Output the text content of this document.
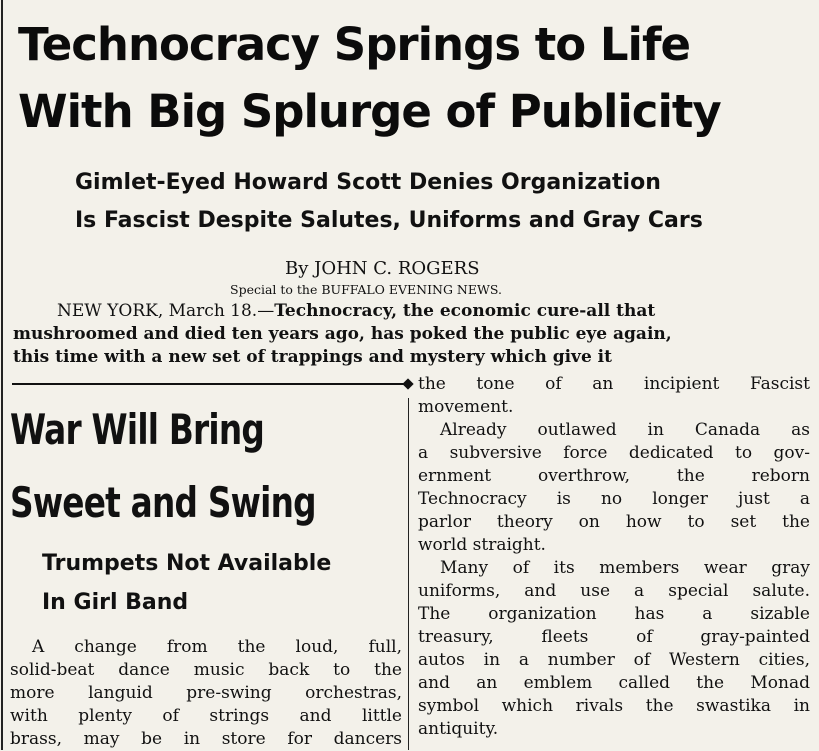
Technocracy Springs to Life
With Big Splurge of Publicity
Gimlet-Eyed Howard Scott Denies Organization
Is Fascist Despite Salutes, Uniforms and Gray Cars
By JOHN C. ROGERS
Special to the BUFFALO EVENING NEWS.
NEW YORK, March 18.—Technocracy, the economic cure-all that
mushroomed and died ten years ago, has poked the public eye again,
this time with a new set of trappings and mystery which give it
the tone of an incipient Fascist
movement.
Already outlawed in Canada as
a subversive force dedicated to gov-
ernment overthrow, the reborn
Technocracy is no longer just a
parlor theory on how to set the
world straight.
Many of its members wear gray
uniforms, and use a special salute.
The organization has a sizable
treasury, fleets of gray-painted
autos in a number of Western cities,
and an emblem called the Monad
symbol which rivals the swastika in
antiquity.
War Will Bring
Sweet and Swing
Trumpets Not Available
In Girl Band
A change from the loud, full,
solid-beat dance music back to the
more languid pre-swing orchestras,
with plenty of strings and little
brass, may be in store for dancers
